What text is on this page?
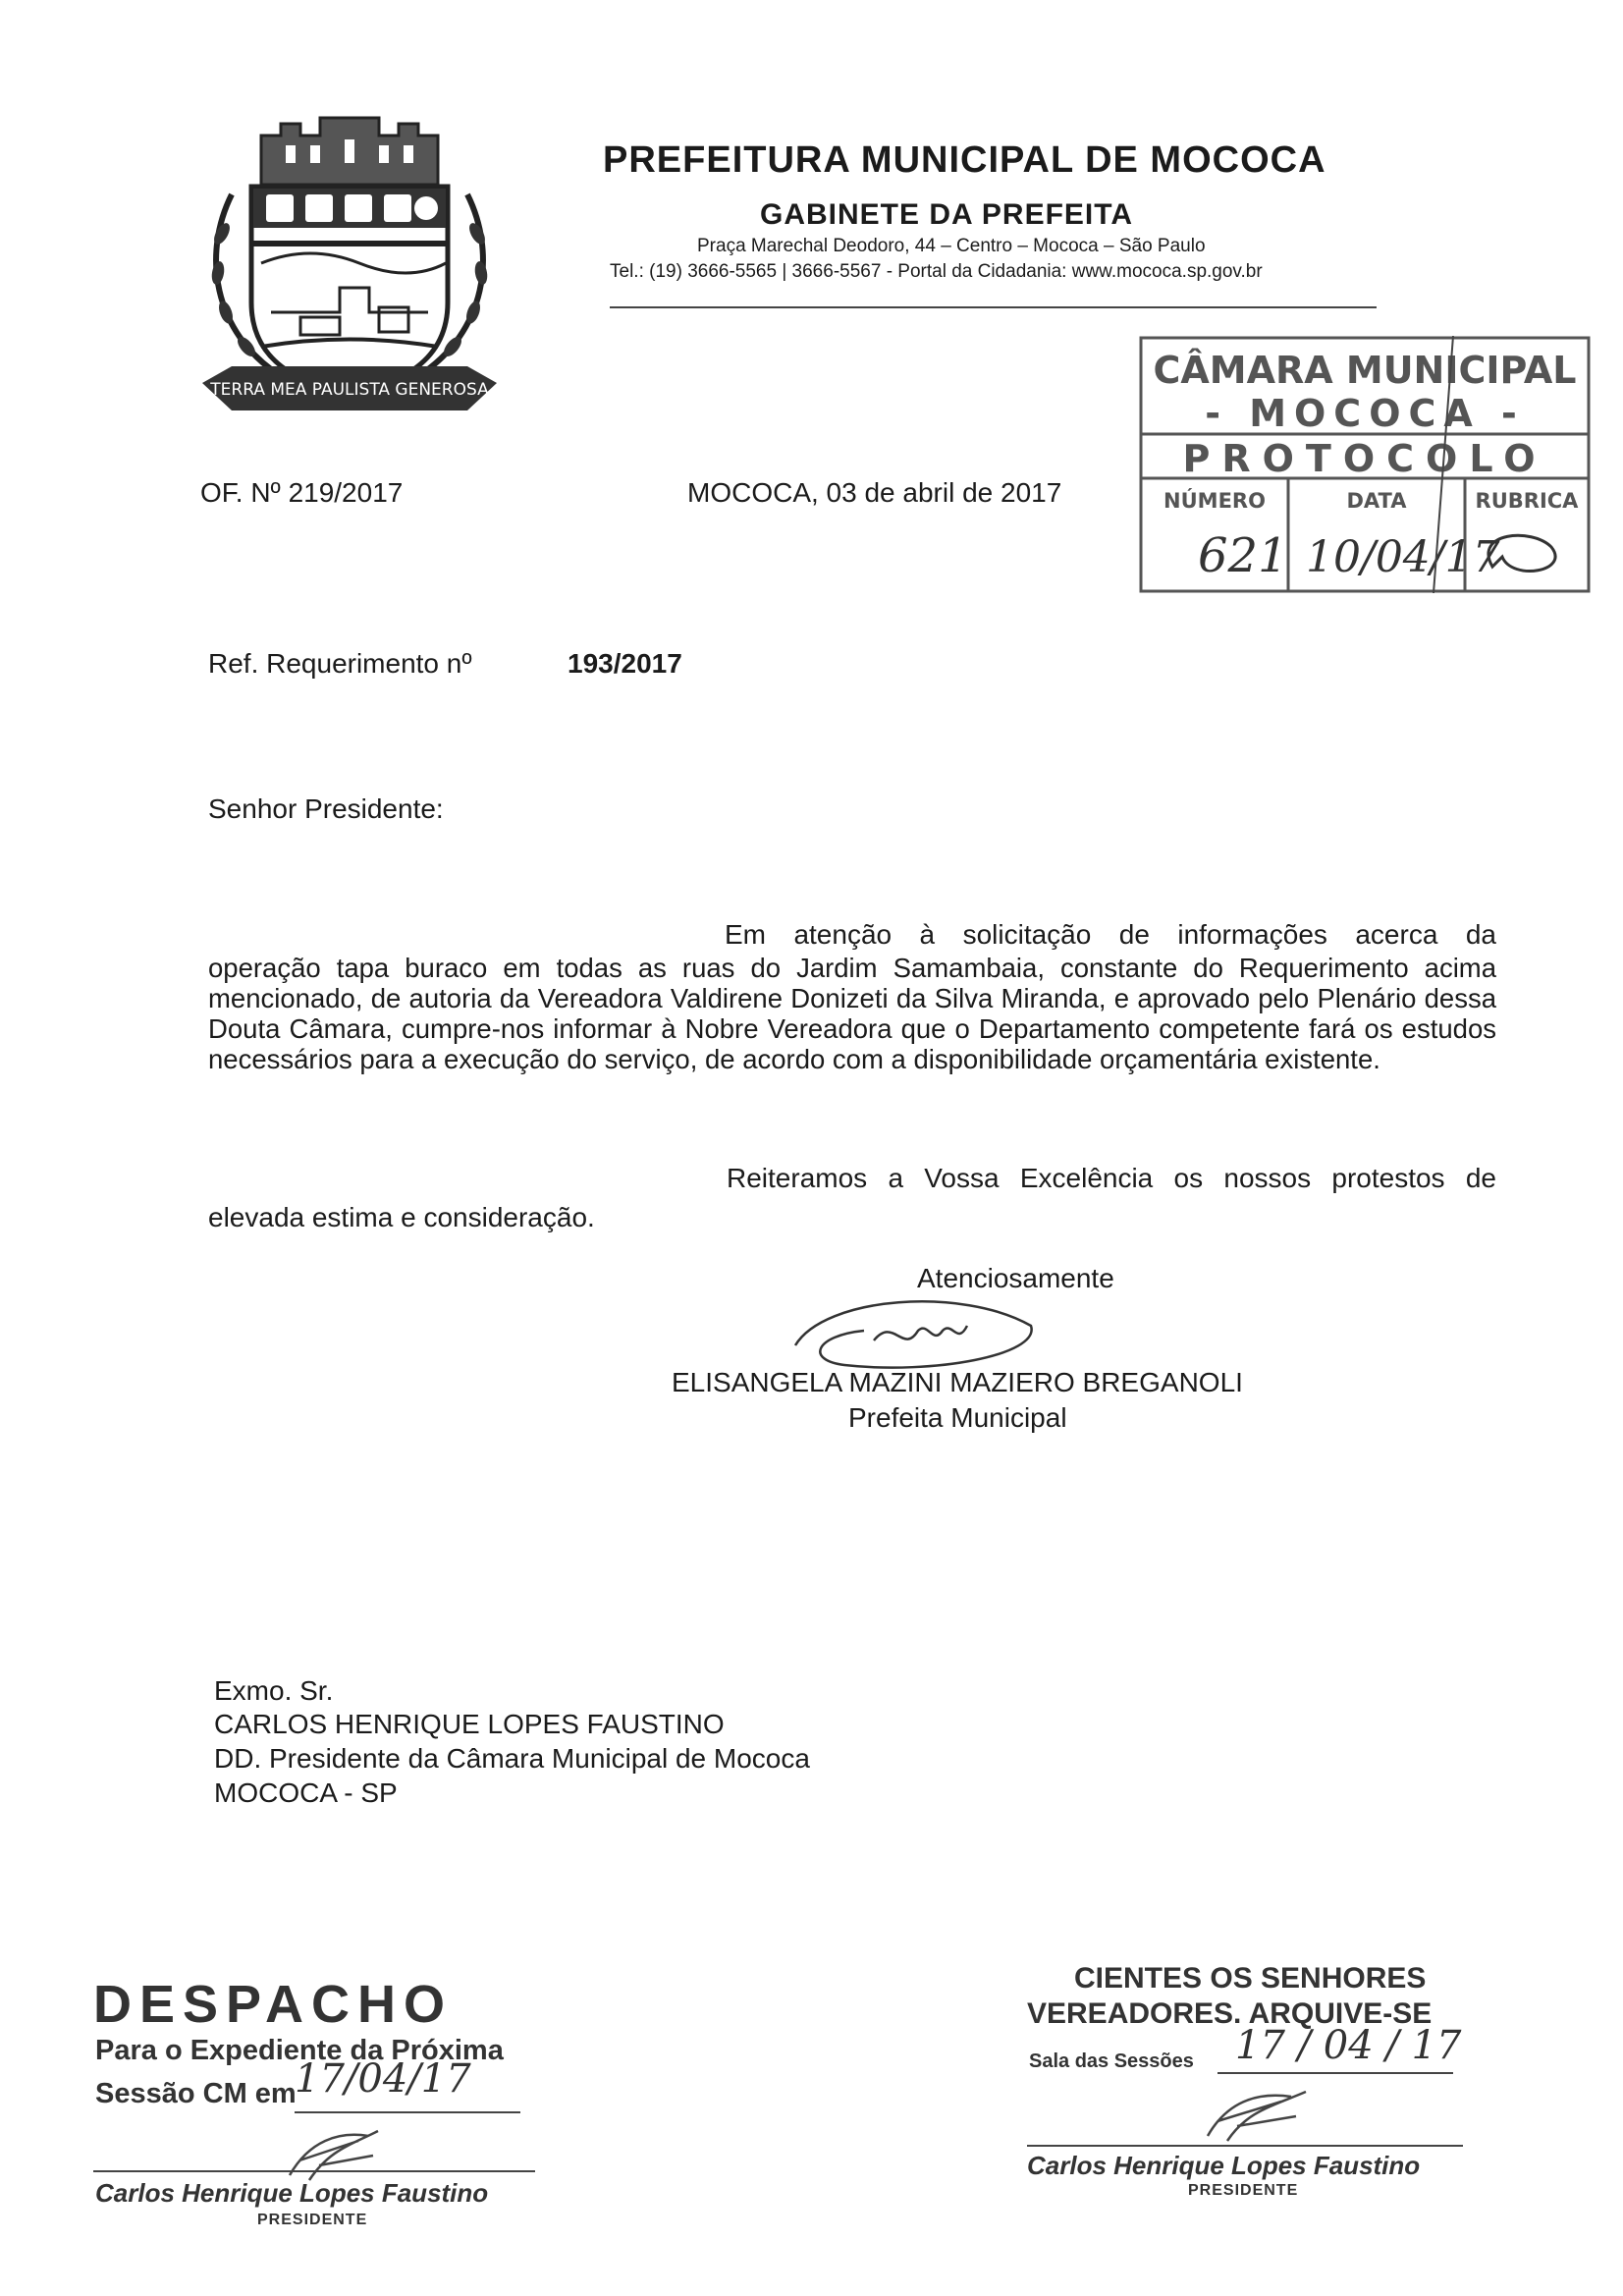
TERRA MEA PAULISTA GENEROSA
PREFEITURA MUNICIPAL DE MOCOCA
GABINETE DA PREFEITA
Praça Marechal Deodoro, 44 – Centro – Mococa – São Paulo
Tel.: (19) 3666-5565 | 3666-5567 - Portal da Cidadania: www.mococa.sp.gov.br
OF. Nº 219/2017	MOCOCA, 03 de abril de 2017
CÂMARA MUNICIPAL
- MOCOCA -
PROTOCOLO
NÚMERO	DATA	RUBRICA
621 10/04/17
Ref. Requerimento nº	193/2017
Senhor Presidente:
Em atenção à solicitação de informações acerca da
operação tapa buraco em todas as ruas do Jardim Samambaia, constante do Requerimento acima mencionado, de autoria da Vereadora Valdirene Donizeti da Silva Miranda, e aprovado pelo Plenário dessa Douta Câmara, cumpre-nos informar à Nobre Vereadora que o Departamento competente fará os estudos necessários para a execução do serviço, de acordo com a disponibilidade orçamentária existente.
Reiteramos a Vossa Excelência os nossos protestos de
elevada estima e consideração.
Atenciosamente
ELISANGELA MAZINI MAZIERO BREGANOLI
Prefeita Municipal
Exmo. Sr.
CARLOS HENRIQUE LOPES FAUSTINO
DD. Presidente da Câmara Municipal de Mococa
MOCOCA - SP
DESPACHO
Para o Expediente da Próxima
Sessão CM em
17/04/17
Carlos Henrique Lopes Faustino
PRESIDENTE
CIENTES OS SENHORES
VEREADORES. ARQUIVE-SE
Sala das Sessões 17 / 04 / 17
Carlos Henrique Lopes Faustino
PRESIDENTE
